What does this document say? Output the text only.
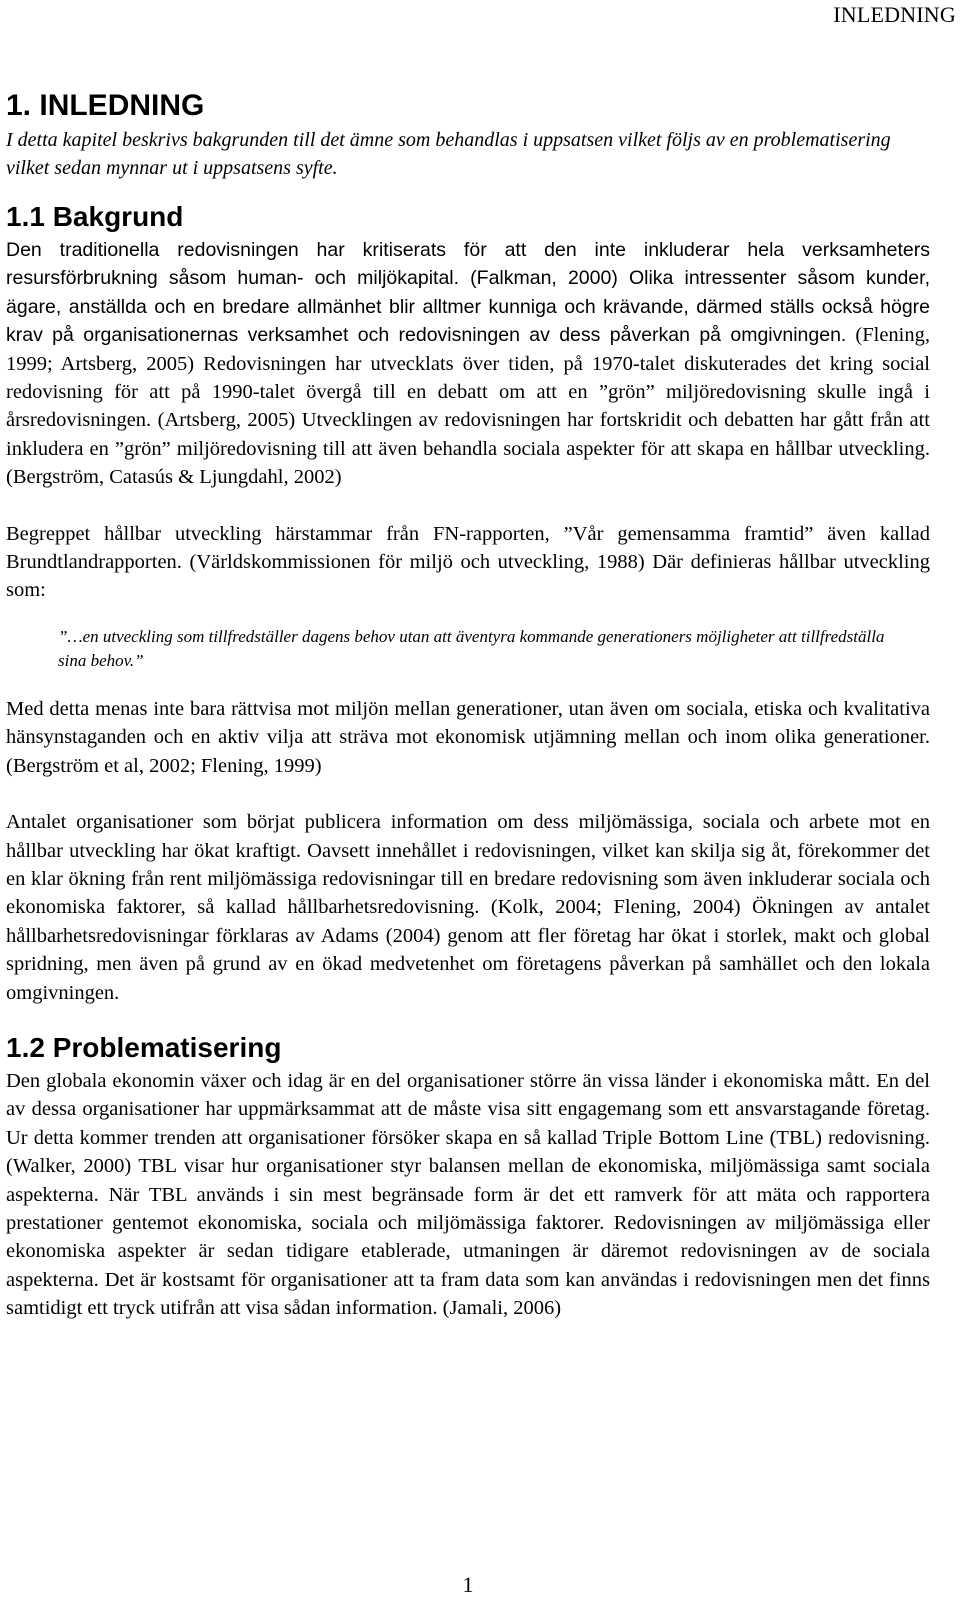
INLEDNING
1. INLEDNING

I detta kapitel beskrivs bakgrunden till det ämne som behandlas i uppsatsen vilket följs av en problematisering vilket sedan mynnar ut i uppsatsens syfte.

1.1 Bakgrund

Den traditionella redovisningen har kritiserats för att den inte inkluderar hela verksamheters resursförbrukning såsom human- och miljökapital. (Falkman, 2000) Olika intressenter såsom kunder, ägare, anställda och en bredare allmänhet blir alltmer kunniga och krävande, därmed ställs också högre krav på organisationernas verksamhet och redovisningen av dess påverkan på omgivningen. (Flening, 1999; Artsberg, 2005) Redovisningen har utvecklats över tiden, på 1970-talet diskuterades det kring social redovisning för att på 1990-talet övergå till en debatt om att en ”grön” miljöredovisning skulle ingå i årsredovisningen. (Artsberg, 2005) Utvecklingen av redovisningen har fortskridit och debatten har gått från att inkludera en ”grön” miljöredovisning till att även behandla sociala aspekter för att skapa en hållbar utveckling. (Bergström, Catasús & Ljungdahl, 2002)

Begreppet hållbar utveckling härstammar från FN-rapporten, ”Vår gemensamma framtid” även kallad Brundtlandrapporten. (Världskommissionen för miljö och utveckling, 1988) Där definieras hållbar utveckling som:

”…en utveckling som tillfredställer dagens behov utan att äventyra kommande generationers möjligheter att tillfredställa sina behov.”

Med detta menas inte bara rättvisa mot miljön mellan generationer, utan även om sociala, etiska och kvalitativa hänsynstaganden och en aktiv vilja att sträva mot ekonomisk utjämning mellan och inom olika generationer. (Bergström et al, 2002; Flening, 1999)

Antalet organisationer som börjat publicera information om dess miljömässiga, sociala och arbete mot en hållbar utveckling har ökat kraftigt. Oavsett innehållet i redovisningen, vilket kan skilja sig åt, förekommer det en klar ökning från rent miljömässiga redovisningar till en bredare redovisning som även inkluderar sociala och ekonomiska faktorer, så kallad hållbarhetsredovisning. (Kolk, 2004; Flening, 2004) Ökningen av antalet hållbarhetsredovisningar förklaras av Adams (2004) genom att fler företag har ökat i storlek, makt och global spridning, men även på grund av en ökad medvetenhet om företagens påverkan på samhället och den lokala omgivningen.

1.2 Problematisering

Den globala ekonomin växer och idag är en del organisationer större än vissa länder i ekonomiska mått. En del av dessa organisationer har uppmärksammat att de måste visa sitt engagemang som ett ansvarstagande företag. Ur detta kommer trenden att organisationer försöker skapa en så kallad Triple Bottom Line (TBL) redovisning. (Walker, 2000) TBL visar hur organisationer styr balansen mellan de ekonomiska, miljömässiga samt sociala aspekterna. När TBL används i sin mest begränsade form är det ett ramverk för att mäta och rapportera prestationer gentemot ekonomiska, sociala och miljömässiga faktorer. Redovisningen av miljömässiga eller ekonomiska aspekter är sedan tidigare etablerade, utmaningen är däremot redovisningen av de sociala aspekterna. Det är kostsamt för organisationer att ta fram data som kan användas i redovisningen men det finns samtidigt ett tryck utifrån att visa sådan information. (Jamali, 2006)

1
